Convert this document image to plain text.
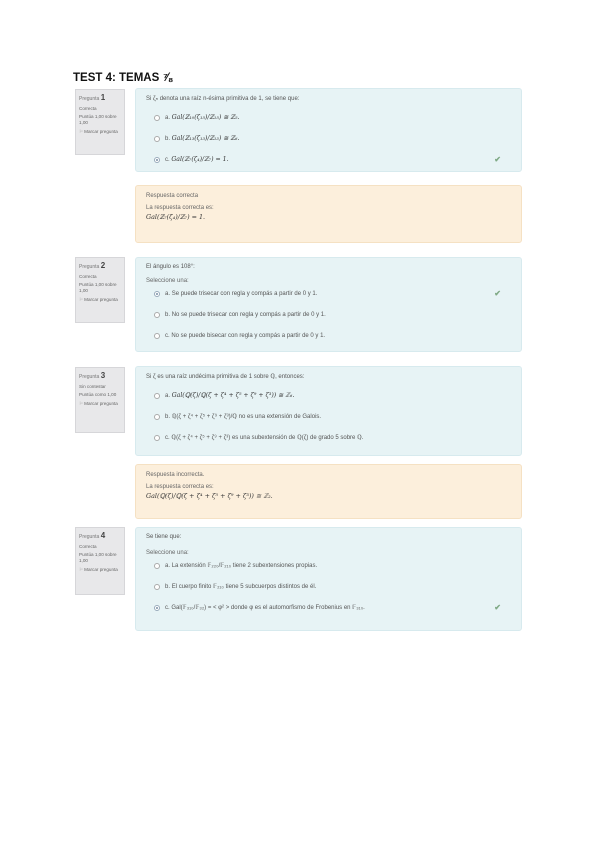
TEST 4: TEMAS ⅞
Pregunta 1
Correcta
Puntúa 1,00 sobre 1,00
⚐Marcar pregunta

Si ζₙ denota una raíz n-ésima primitiva de 1, se tiene que:

a. Gal(ℤ₁₀(ζ₁₅)/ℤ₁₅) ≅ ℤ₅.
b. Gal(ℤ₁₃(ζ₁₃)/ℤ₁₃) ≅ ℤ₆.
c. Gal(ℤ₇(ζ₄)/ℤ₇) = 1.	✔

Respuesta correcta

La respuesta correcta es:

Gal(ℤ₇(ζ₄)/ℤ₇) = 1.
Pregunta 2
Correcta
Puntúa 1,00 sobre 1,00
⚐Marcar pregunta

El ángulo es 108°:

Seleccione una:

a. Se puede trisecar con regla y compás a partir de 0 y 1.	✔
b. No se puede trisecar con regla y compás a partir de 0 y 1.
c. No se puede bisecar con regla y compás a partir de 0 y 1.
Pregunta 3
Sin contestar
Puntúa como 1,00
⚐Marcar pregunta

Si ζ es una raíz undécima primitiva de 1 sobre ℚ, entonces:

a. Gal(ℚ(ζ)/ℚ(ζ + ζ⁴ + ζ⁵ + ζ⁹ + ζ³)) ≅ ℤ₆.
b. ℚ(ζ + ζ⁴ + ζ⁵ + ζ⁹ + ζ³)/ℚ no es una extensión de Galois.
c. ℚ(ζ + ζ⁴ + ζ⁵ + ζ⁹ + ζ³) es una subextensión de ℚ(ζ) de grado 5 sobre ℚ.

Respuesta incorrecta.

La respuesta correcta es:

Gal(ℚ(ζ)/ℚ(ζ + ζ⁴ + ζ⁵ + ζ⁹ + ζ³)) ≅ ℤ₂.
Pregunta 4
Correcta
Puntúa 1,00 sobre 1,00
⚐Marcar pregunta

Se tiene que:

Seleccione una:

a. La extensión 𝔽₂₂₀/𝔽₂₁₀ tiene 2 subextensiones propias.
b. El cuerpo finito 𝔽₂₁₀ tiene 5 subcuerpos distintos de él.
c. Gal(𝔽₃₁₀/𝔽₃₂) = < φ² > donde φ es el automorfismo de Frobenius en 𝔽₃₁₀.	✔
